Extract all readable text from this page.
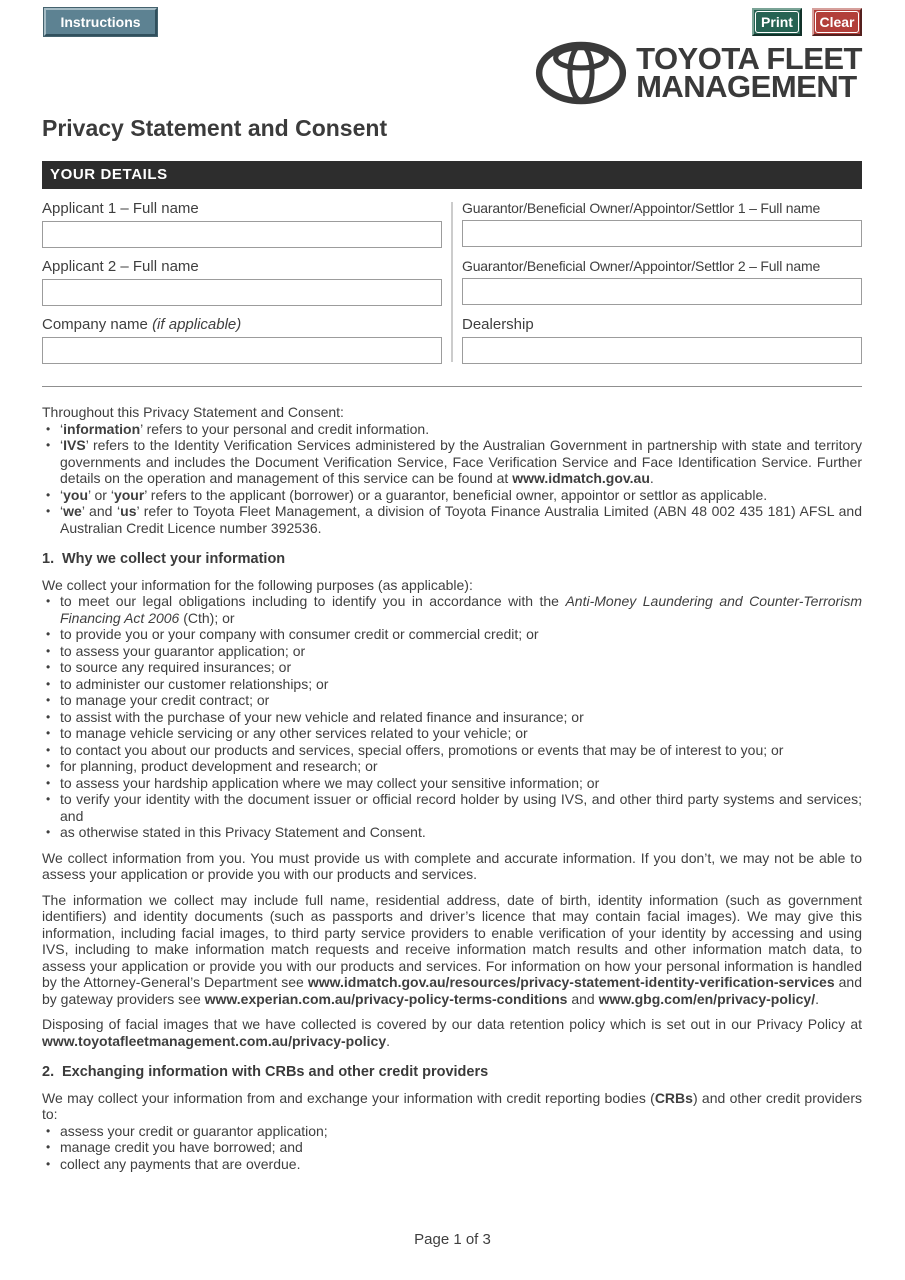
Instructions	Print	Clear
TOYOTA FLEET
MANAGEMENT
Privacy Statement and Consent
YOUR DETAILS
Applicant 1 – Full name	Guarantor/Beneficial Owner/Appointor/Settlor 1 – Full name
Applicant 2 – Full name	Guarantor/Beneficial Owner/Appointor/Settlor 2 – Full name
Company name (if applicable)	Dealership
Throughout this Privacy Statement and Consent:
• ‘information’ refers to your personal and credit information.
• ‘IVS’ refers to the Identity Verification Services administered by the Australian Government in partnership with state and territory governments and includes the Document Verification Service, Face Verification Service and Face Identification Service. Further details on the operation and management of this service can be found at www.idmatch.gov.au.
• ‘you’ or ‘your’ refers to the applicant (borrower) or a guarantor, beneficial owner, appointor or settlor as applicable.
• ‘we’ and ‘us’ refer to Toyota Fleet Management, a division of Toyota Finance Australia Limited (ABN 48 002 435 181) AFSL and Australian Credit Licence number 392536.
1. Why we collect your information
We collect your information for the following purposes (as applicable):
• to meet our legal obligations including to identify you in accordance with the Anti-Money Laundering and Counter-Terrorism Financing Act 2006 (Cth); or
• to provide you or your company with consumer credit or commercial credit; or
• to assess your guarantor application; or
• to source any required insurances; or
• to administer our customer relationships; or
• to manage your credit contract; or
• to assist with the purchase of your new vehicle and related finance and insurance; or
• to manage vehicle servicing or any other services related to your vehicle; or
• to contact you about our products and services, special offers, promotions or events that may be of interest to you; or
• for planning, product development and research; or
• to assess your hardship application where we may collect your sensitive information; or
• to verify your identity with the document issuer or official record holder by using IVS, and other third party systems and services; and
• as otherwise stated in this Privacy Statement and Consent.
We collect information from you. You must provide us with complete and accurate information. If you don’t, we may not be able to assess your application or provide you with our products and services.
The information we collect may include full name, residential address, date of birth, identity information (such as government identifiers) and identity documents (such as passports and driver’s licence that may contain facial images). We may give this information, including facial images, to third party service providers to enable verification of your identity by accessing and using IVS, including to make information match requests and receive information match results and other information match data, to assess your application or provide you with our products and services. For information on how your personal information is handled by the Attorney-General’s Department see www.idmatch.gov.au/resources/privacy-statement-identity-verification-services and by gateway providers see www.experian.com.au/privacy-policy-terms-conditions and www.gbg.com/en/privacy-policy/.
Disposing of facial images that we have collected is covered by our data retention policy which is set out in our Privacy Policy at www.toyotafleetmanagement.com.au/privacy-policy.
2. Exchanging information with CRBs and other credit providers
We may collect your information from and exchange your information with credit reporting bodies (CRBs) and other credit providers to:
• assess your credit or guarantor application;
• manage credit you have borrowed; and
• collect any payments that are overdue.
Page 1 of 3
